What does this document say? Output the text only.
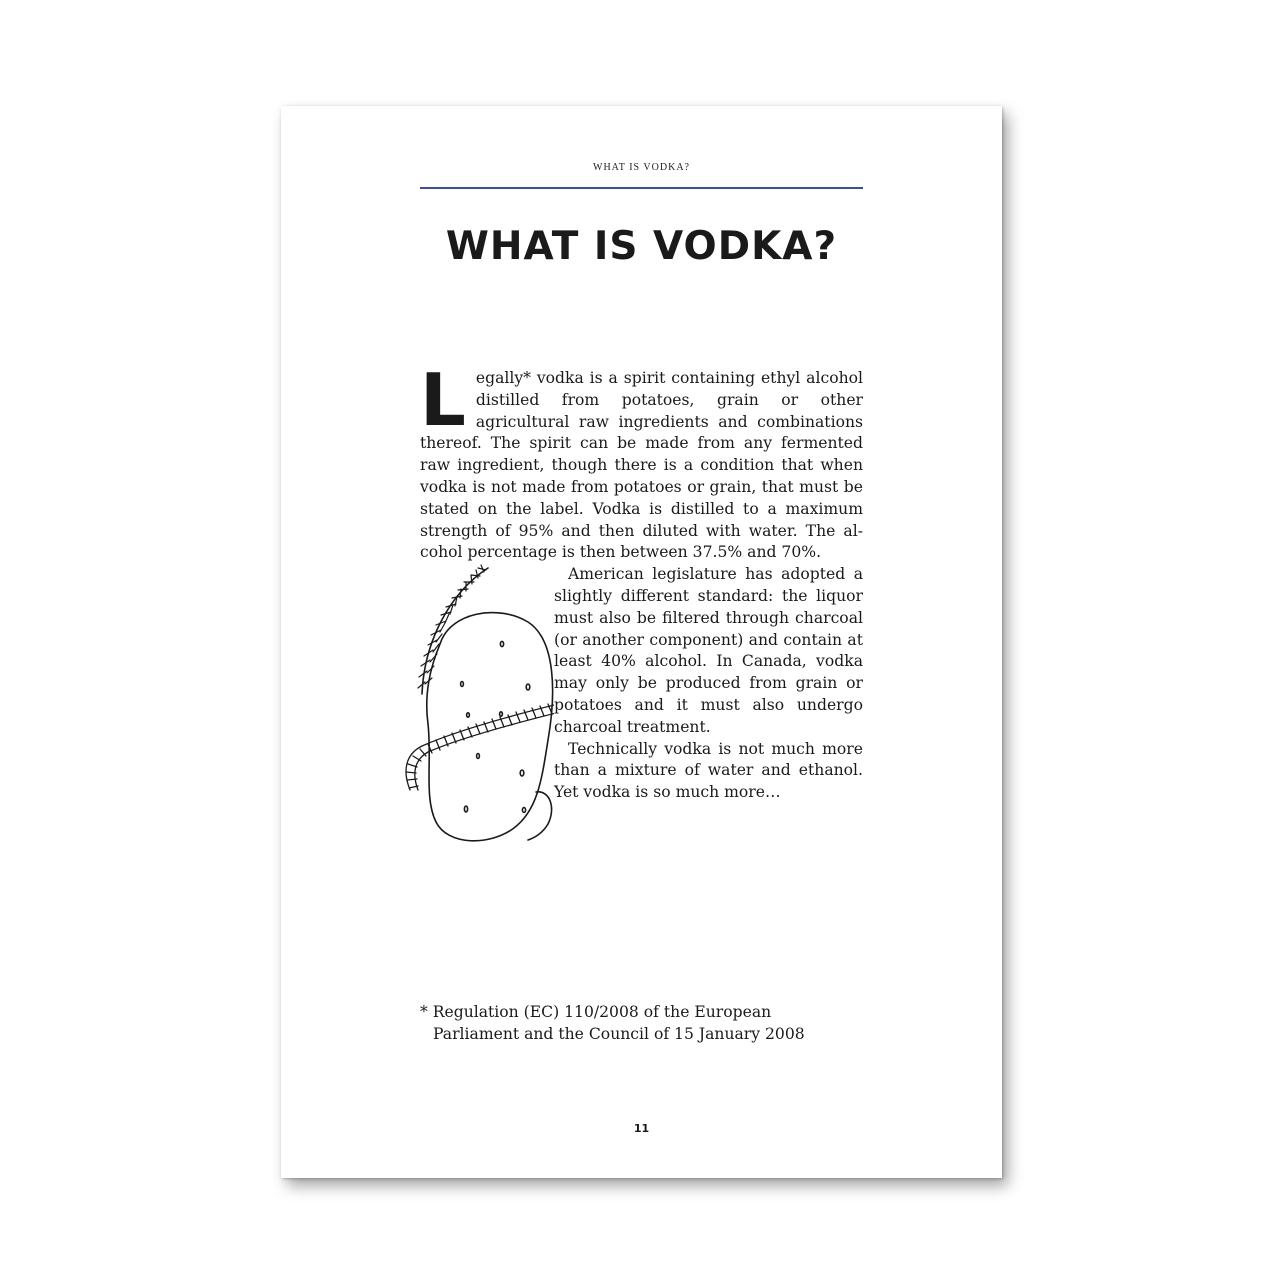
WHAT IS VODKA?
WHAT IS VODKA?

Legally* vodka is a spirit containing ethyl alcohol distilled from potatoes, grain or other agricultural raw ingredients and combinations thereof. The spirit can be made from any fermented raw ingredient, though there is a condition that when vodka is not made from potatoes or grain, that must be stated on the label. Vodka is distilled to a maximum strength of 95% and then diluted with water. The alcohol percentage is then between 37.5% and 70%.

American legislature has adopted a slightly different standard: the liquor must also be filtered through charcoal (or another component) and contain at least 40% alcohol. In Canada, vodka may only be produced from grain or potatoes and it must also undergo charcoal treatment.

Technically vodka is not much more than a mixture of water and ethanol. Yet vodka is so much more…

* Regulation (EC) 110/2008 of the European
Parliament and the Council of 15 January 2008
11
